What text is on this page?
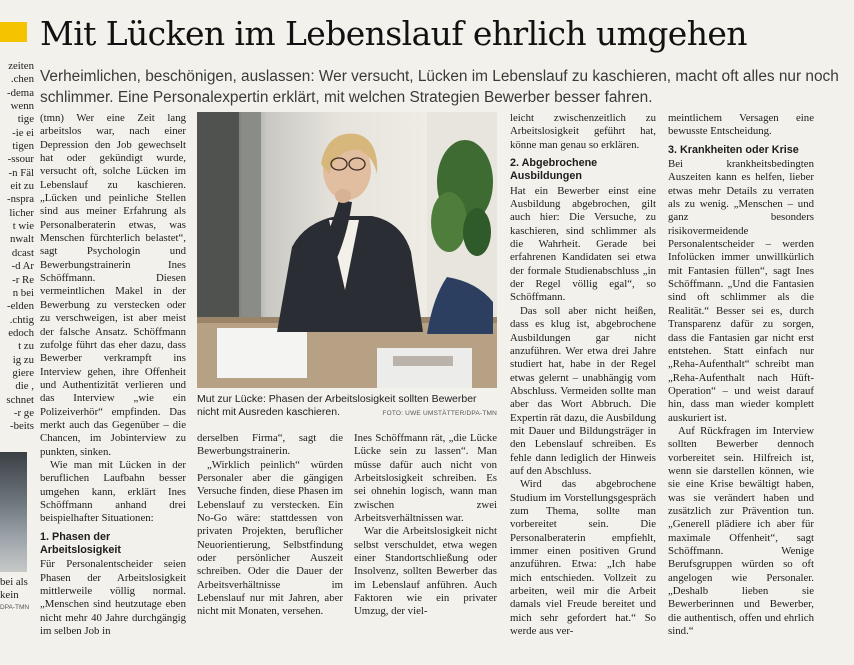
Mit Lücken im Lebenslauf ehrlich umgehen
Verheimlichen, beschönigen, auslassen: Wer versucht, Lücken im Lebenslauf zu kaschieren, macht oft alles nur noch
schlimmer. Eine Personalexpertin erklärt, mit welchen Strategien Bewerber besser fahren.
zeiten
chen.
dema-
wenn
tige
ie ei-
tigen
ssour-
n Fäl-
eit zu
nspra-
licher
t wie
nwalt
dcast
d Ar-
r Re-
n bei
elden-
chtig.
edoch
t zu
ig zu
giere
, die
schnet
r ge-
beits-
bei als
kein
DPA-TMN

(tmn) Wer eine Zeit lang arbeitslos war, nach einer Depression den Job gewechselt hat oder gekündigt wurde, versucht oft, solche Lücken im Lebenslauf zu kaschieren. „Lücken und peinliche Stellen sind aus meiner Erfahrung als Personalberaterin etwas, was Menschen fürchterlich belastet“, sagt Psychologin und Bewerbungstrainerin Ines Schöffmann. Diesen vermeintlichen Makel in der Bewerbung zu verstecken oder zu verschweigen, ist aber meist der falsche Ansatz. Schöffmann zufolge führt das eher dazu, dass Bewerber verkrampft ins Interview gehen, ihre Offenheit und Authentizität verlieren und das Interview „wie ein Polizeiverhör“ empfinden. Das merkt auch das Gegenüber – die Chancen, im Jobinterview zu punkten, sinken.

Wie man mit Lücken in der beruflichen Laufbahn besser umgehen kann, erklärt Ines Schöffmann anhand drei beispielhafter Situationen:

1. Phasen der Arbeitslosigkeit

Für Personalentscheider seien Phasen der Arbeitslosigkeit mittlerweile völlig normal. „Menschen sind heutzutage eben nicht mehr 40 Jahre durchgängig im selben Job in

Mut zur Lücke: Phasen der Arbeitslosigkeit sollten Bewerber nicht mit Ausreden kaschieren.	FOTO: UWE UMSTÄTTER/DPA-TMN

derselben Firma“, sagt die Bewerbungstrainerin.

„Wirklich peinlich“ würden Personaler aber die gängigen Versuche finden, diese Phasen im Lebenslauf zu verstecken. Ein No-Go wäre: stattdessen von privaten Projekten, beruflicher Neuorientierung, Selbstfindung oder persönlicher Auszeit schreiben. Oder die Dauer der Arbeitsverhältnisse im Lebenslauf nur mit Jahren, aber nicht mit Monaten, versehen.

Ines Schöffmann rät, „die Lücke Lücke sein zu lassen“. Man müsse dafür auch nicht von Arbeitslosigkeit schreiben. Es sei ohnehin logisch, wann man zwischen zwei Arbeitsverhältnissen war.

War die Arbeitslosigkeit nicht selbst verschuldet, etwa wegen einer Standortschließung oder Insolvenz, sollten Bewerber das im Lebenslauf anführen. Auch Faktoren wie ein privater Umzug, der viel-

leicht zwischenzeitlich zu Arbeitslosigkeit geführt hat, könne man genau so erklären.

2. Abgebrochene Ausbildungen

Hat ein Bewerber einst eine Ausbildung abgebrochen, gilt auch hier: Die Versuche, zu kaschieren, sind schlimmer als die Wahrheit. Gerade bei erfahrenen Kandidaten sei etwa der formale Studienabschluss „in der Regel völlig egal“, so Schöffmann.

Das soll aber nicht heißen, dass es klug ist, abgebrochene Ausbildungen gar nicht anzuführen. Wer etwa drei Jahre studiert hat, habe in der Regel etwas gelernt – unabhängig vom Abschluss. Vermeiden sollte man aber das Wort Abbruch. Die Expertin rät dazu, die Ausbildung mit Dauer und Bildungsträger in den Lebenslauf schreiben. Es fehle dann lediglich der Hinweis auf den Abschluss.

Wird das abgebrochene Studium im Vorstellungsgespräch zum Thema, sollte man vorbereitet sein. Die Personalberaterin empfiehlt, immer einen positiven Grund anzuführen. Etwa: „Ich habe mich entschieden. Vollzeit zu arbeiten, weil mir die Arbeit damals viel Freude bereitet und mich sehr gefordert hat.“ So werde aus ver-

meintlichem Versagen eine bewusste Entscheidung.

3. Krankheiten oder Krise

Bei krankheitsbedingten Auszeiten kann es helfen, lieber etwas mehr Details zu verraten als zu wenig. „Menschen – und ganz besonders risikovermeidende Personalentscheider – werden Infolücken immer unwillkürlich mit Fantasien füllen“, sagt Ines Schöffmann. „Und die Fantasien sind oft schlimmer als die Realität.“ Besser sei es, durch Transparenz dafür zu sorgen, dass die Fantasien gar nicht erst entstehen. Statt einfach nur „Reha-Aufenthalt“ schreibt man „Reha-Aufenthalt nach Hüft-Operation“ – und weist darauf hin, dass man wieder komplett auskuriert ist.

Auf Rückfragen im Interview sollten Bewerber dennoch vorbereitet sein. Hilfreich ist, wenn sie darstellen können, wie sie eine Krise bewältigt haben, was sie verändert haben und zusätzlich zur Prävention tun. „Generell plädiere ich aber für maximale Offenheit“, sagt Schöffmann. Wenige Berufsgruppen würden so oft angelogen wie Personaler. „Deshalb lieben sie Bewerberinnen und Bewerber, die authentisch, offen und ehrlich sind.“
